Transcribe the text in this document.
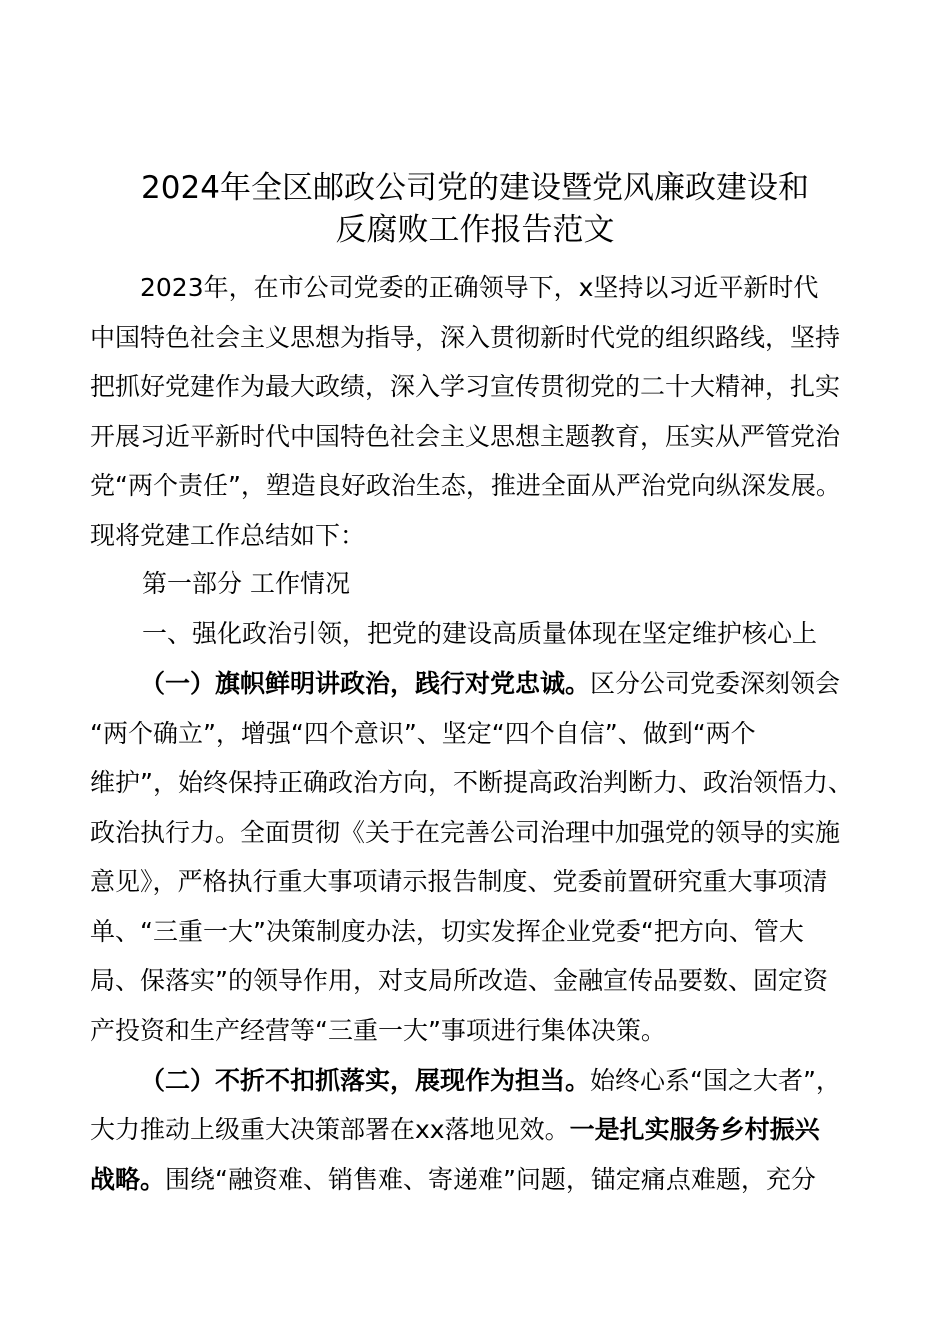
2024年全区邮政公司党的建设暨党风廉政建设和
反腐败工作报告范文
2023年，在市公司党委的正确领导下，x坚持以习近平新时代
中国特色社会主义思想为指导，深入贯彻新时代党的组织路线，坚持
把抓好党建作为最大政绩，深入学习宣传贯彻党的二十大精神，扎实
开展习近平新时代中国特色社会主义思想主题教育，压实从严管党治
党“两个责任”，塑造良好政治生态，推进全面从严治党向纵深发展。
现将党建工作总结如下：
第一部分 工作情况
一、强化政治引领，把党的建设高质量体现在坚定维护核心上
（一）旗帜鲜明讲政治，践行对党忠诚。区分公司党委深刻领会
“两个确立”，增强“四个意识”、坚定“四个自信”、做到“两个
维护”，始终保持正确政治方向，不断提高政治判断力、政治领悟力、
政治执行力。全面贯彻《关于在完善公司治理中加强党的领导的实施
意见》，严格执行重大事项请示报告制度、党委前置研究重大事项清
单、“三重一大”决策制度办法，切实发挥企业党委“把方向、管大
局、保落实”的领导作用，对支局所改造、金融宣传品要数、固定资
产投资和生产经营等“三重一大”事项进行集体决策。
（二）不折不扣抓落实，展现作为担当。始终心系“国之大者”，
大力推动上级重大决策部署在xx落地见效。一是扎实服务乡村振兴
战略。围绕“融资难、销售难、寄递难”问题，锚定痛点难题，充分
